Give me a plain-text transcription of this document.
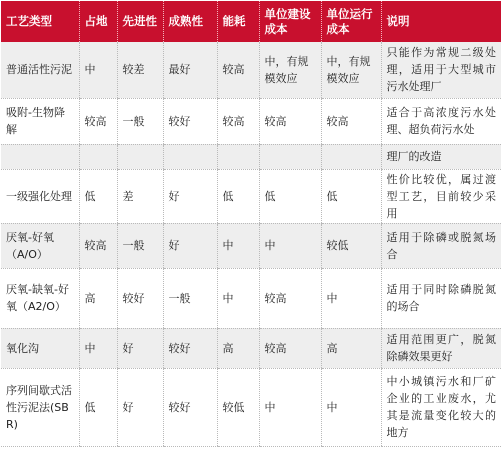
工艺类型	占地	先进性	成熟性	能耗	单位建设成本	单位运行成本	说明
普通活性污泥	中	较差	最好	较高	中，有规模效应	中，有规模效应	只能作为常规二级处理，适用于大型城市污水处理厂
吸附-生物降解	较高	一般	较好	较高	较高	较高	适合于高浓度污水处理、超负荷污水处
							理厂的改造
一级强化处理	低	差	好	低	低	低	性价比较优，属过渡型工艺，目前较少采用
厌氧-好氧（A/O）	较高	一般	好	中	中	较低	适用于除磷或脱氮场合
厌氧-缺氧-好氧（A2/O）	高	较好	一般	中	较高	中	适用于同时除磷脱氮的场合
氧化沟	中	好	较好	高	较高	高	适用范围更广，脱氮除磷效果更好
序列间歇式活性污泥法(SBR)	低	好	较好	较低	中	中	中小城镇污水和厂矿企业的工业废水，尤其是流量变化较大的地方
